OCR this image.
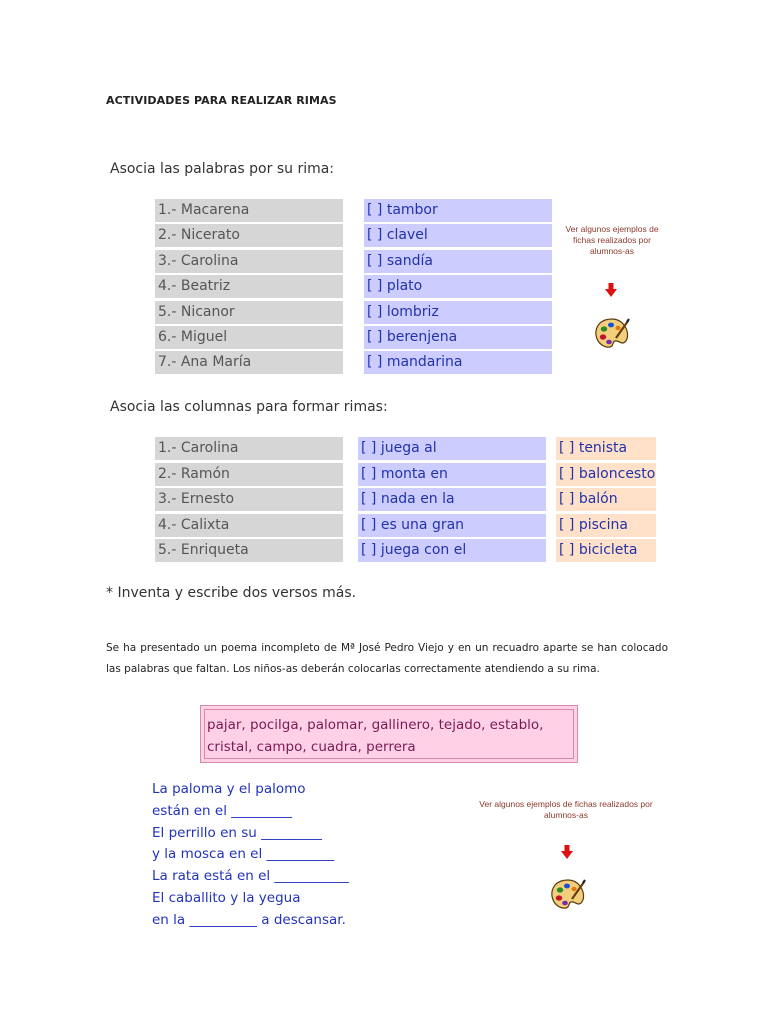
ACTIVIDADES PARA REALIZAR RIMAS
Asocia las palabras por su rima:
1.- Macarena
2.- Nicerato
3.- Carolina
4.- Beatriz
5.- Nicanor
6.- Miguel
7.- Ana María
[ ] tambor
[ ] clavel
[ ] sandía
[ ] plato
[ ] lombriz
[ ] berenjena
[ ] mandarina
Ver algunos ejemplos de fichas realizados por alumnos-as
Asocia las columnas para formar rimas:
1.- Carolina
2.- Ramón
3.- Ernesto
4.- Calixta
5.- Enriqueta
[ ] juega al
[ ] monta en
[ ] nada en la
[ ] es una gran
[ ] juega con el
[ ] tenista
[ ] baloncesto
[ ] balón
[ ] piscina
[ ] bicicleta
* Inventa y escribe dos versos más.
Se ha presentado un poema incompleto de Mª José Pedro Viejo y en un recuadro aparte se han colocado las palabras que faltan. Los niños-as deberán colocarlas correctamente atendiendo a su rima.
pajar, pocilga, palomar, gallinero, tejado, establo, cristal, campo, cuadra, perrera
La paloma y el palomo
están en el _________
El perrillo en su _________
y la mosca en el __________
La rata está en el ___________
El caballito y la yegua
en la __________ a descansar.
Ver algunos ejemplos de fichas realizados por alumnos-as
